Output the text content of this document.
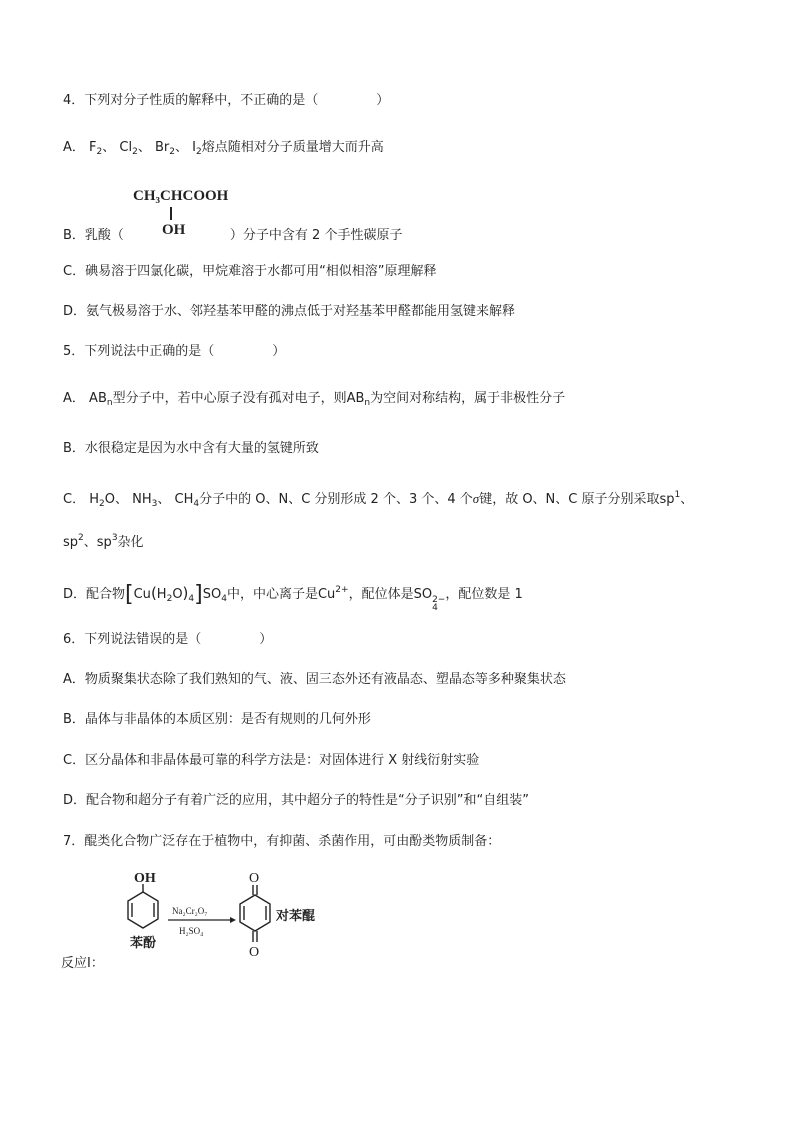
4．下列对分子性质的解释中，不正确的是（	）
A． $F_2$、 $Cl_2$、 $Br_2$、 $I_2$熔点随相对分子质量增大而升高
CH₃CHCOOH
OH
B．乳酸（	）分子中含有 2 个手性碳原子
C．碘易溶于四氯化碳，甲烷难溶于水都可用“相似相溶”原理解释
D．氨气极易溶于水、邻羟基苯甲醛的沸点低于对羟基苯甲醛都能用氢键来解释
5．下列说法中正确的是（	）
A． $AB_n$型分子中，若中心原子没有孤对电子，则$AB_n$为空间对称结构，属于非极性分子
B．水很稳定是因为水中含有大量的氢键所致
C． $H_2O$、 $NH_3$、 $CH_4$分子中的 O、N、C 分别形成 2 个、3 个、4 个σ键，故 O、N、C 原子分别采取$sp^1$、
$sp^2$、$sp^3$杂化
D．配合物$[Cu(H_2O)_4]SO_4$中，中心离子是$Cu^{2+}$，配位体是SO 2−
4
，配位数是 1
6．下列说法错误的是（	）
A．物质聚集状态除了我们熟知的气、液、固三态外还有液晶态、塑晶态等多种聚集状态
B．晶体与非晶体的本质区别：是否有规则的几何外形
C．区分晶体和非晶体最可靠的科学方法是：对固体进行 X 射线衍射实验
D．配合物和超分子有着广泛的应用，其中超分子的特性是“分子识别”和“自组装”
7．醌类化合物广泛存在于植物中，有抑菌、杀菌作用，可由酚类物质制备：
OH
苯酚
Na₂Cr₂O₇
H₂SO₄
O
O
对苯醌
反应Ⅰ：
